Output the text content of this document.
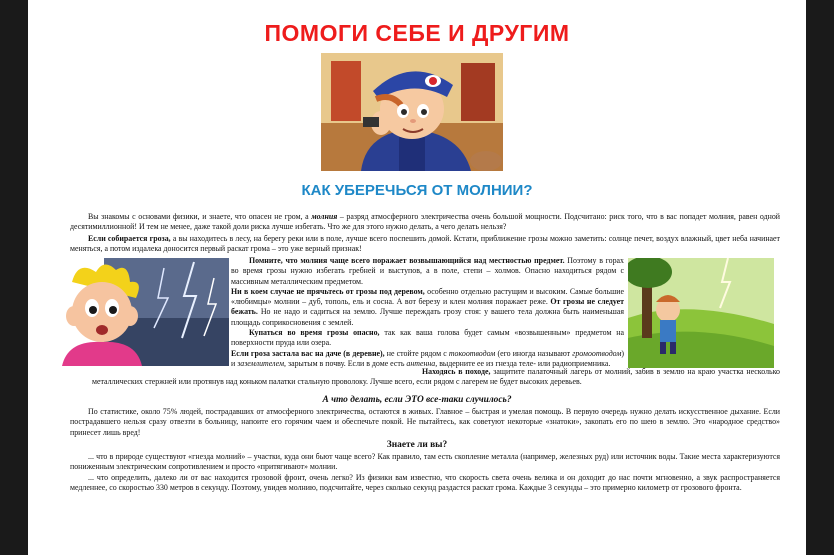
ПОМОГИ СЕБЕ И ДРУГИМ
КАК УБЕРЕЧЬСЯ ОТ МОЛНИИ?
Вы знакомы с основами физики, и знаете, что опасен не гром, а молния – разряд атмосферного электричества очень большой мощности. Подсчитано: риск того, что в вас попадет молния, равен одной десятимиллионной! И тем не менее, даже такой доли риска лучше избегать. Что же для этого нужно делать, а чего делать нельзя?
Если собирается гроза, а вы находитесь в лесу, на берегу реки или в поле, лучше всего поспешить домой. Кстати, приближение грозы можно заметить: солнце печет, воздух влажный, цвет неба начинает меняться, а потом издалека доносится первый раскат грома – это уже верный признак!
Помните, что молния чаще всего поражает возвышающийся над местностью предмет. Поэтому в горах во время грозы нужно избегать гребней и выступов, а в поле, степи – холмов. Опасно находиться рядом с массивным металлическим предметом.
Ни в коем случае не прячьтесь от грозы под деревом, особенно отдельно растущим и высоким. Самые большие «любимцы» молнии – дуб, тополь, ель и сосна. А вот березу и клен молния поражает реже. От грозы не следует бежать. Но не надо и садиться на землю. Лучше переждать грозу стоя: у вашего тела должна быть наименьшая площадь соприкосновения с землей.
Купаться во время грозы опасно, так как ваша голова будет самым «возвышенным» предметом на поверхности пруда или озера.
Если гроза застала вас на даче (в деревне), не стойте рядом с токоотводом (его иногда называют громоотводом) и заземлителем, зарытым в почву. Если в доме есть антенна, выдерните ее из гнезда теле- или радиоприемника.
Находясь в походе, защитите палаточный лагерь от молний, забив в землю на краю участка несколько металлических стержней или протянув над коньком палатки стальную проволоку. Лучше всего, если рядом с лагерем не будет высоких деревьев.
А что делать, если ЭТО все-таки случилось?
По статистике, около 75% людей, пострадавших от атмосферного электричества, остаются в живых. Главное – быстрая и умелая помощь. В первую очередь нужно делать искусственное дыхание. Если пострадавшего нельзя сразу отвезти в больницу, напоите его горячим чаем и обеспечьте покой. Не пытайтесь, как советуют некоторые «знатоки», закопать его по шею в землю. Это «народное средство» принесет лишь вред!
Знаете ли вы?
... что в природе существуют «гнезда молний» – участки, куда они бьют чаще всего? Как правило, там есть скопление металла (например, железных руд) или источник воды. Такие места характеризуются пониженным электрическим сопротивлением и просто «притягивают» молнии.
... что определить, далеко ли от вас находится грозовой фронт, очень легко? Из физики вам известно, что скорость света очень велика и он доходит до нас почти мгновенно, а звук распространяется медленнее, со скоростью 330 метров в секунду. Поэтому, увидев молнию, подсчитайте, через сколько секунд раздастся раскат грома. Каждые 3 секунды – это примерно километр от грозового фронта.
